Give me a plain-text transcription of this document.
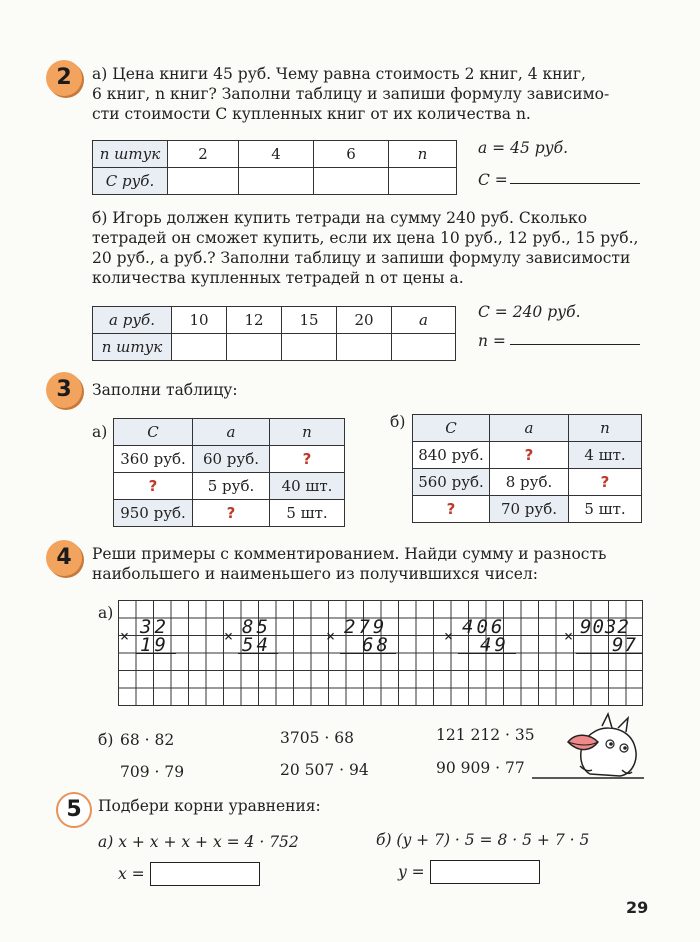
2	а) Цена книги 45 руб. Чему равна стоимость 2 книг, 4 книг,
6 книг, n книг? Заполни таблицу и запиши формулу зависимо-
сти стоимости C купленных книг от их количества n.
n штук	2	4	6	n
C руб.				
a = 45 руб.
C =
б) Игорь должен купить тетради на сумму 240 руб. Сколько
тетрадей он сможет купить, если их цена 10 руб., 12 руб., 15 руб.,
20 руб., a руб.? Заполни таблицу и запиши формулу зависимости
количества купленных тетрадей n от цены a.
a руб.	10	12	15	20	a
n штук					
C = 240 руб.
n =
3	Заполни таблицу:
а)
б)
C	a	n
360 руб.	60 руб.	?
?	5 руб.	40 шт.
950 руб.	?	5 шт.
C	a	n
840 руб.	?	4 шт.
560 руб.	8 руб.	?
?	70 руб.	5 шт.
4	Реши примеры с комментированием. Найди сумму и разность
наибольшего и наименьшего из получившихся чисел:
а)
× 32
19	× 85
54	× 279
68	× 406
49	× 9032
97
б) 68 · 82	3705 · 68	121 212 · 35
709 · 79	20 507 · 94	90 909 · 77
5	Подбери корни уравнения:
а) x + x + x + x = 4 · 752	б) (y + 7) · 5 = 8 · 5 + 7 · 5
x =	y =
29
